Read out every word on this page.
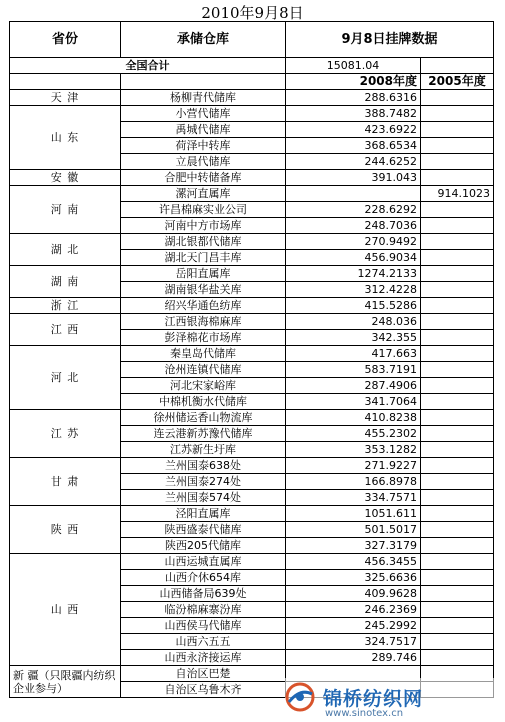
2010年9月8日
省份	承储仓库	9月8日挂牌数据	
全国合计		15081.04	
		2008年度	2005年度
天 津	杨柳青代储库	288.6316	
山 东	小营代储库	388.7482	
	禹城代储库	423.6922	
	荷泽中转库	368.6534	
	立晨代储库	244.6252	
安 徽	合肥中转储备库	391.043	
河 南	漯河直属库		914.1023
	许昌棉麻实业公司	228.6292	
	河南中方市场库	248.7036	
湖 北	湖北银都代储库	270.9492	
	湖北天门昌丰库	456.9034	
湖 南	岳阳直属库	1274.2133	
	湖南银华盐关库	312.4228	
浙 江	绍兴华通色纺库	415.5286	
江 西	江西银海棉麻库	248.036	
	彭泽棉花市场库	342.355	
河 北	秦皇岛代储库	417.663	
	沧州连镇代储库	583.7191	
	河北宋家峪库	287.4906	
	中棉机衡水代储库	341.7064	
江 苏	徐州储运香山物流库	410.8238	
	连云港新苏豫代储库	455.2302	
	江苏新生圩库	353.1282	
甘 肃	兰州国泰638处	271.9227	
	兰州国泰274处	166.8978	
	兰州国泰574处	334.7571	
陕 西	泾阳直属库	1051.611	
	陕西盛泰代储库	501.5017	
	陕西205代储库	327.3179	
山 西	山西运城直属库	456.3455	
	山西介休654库	325.6636	
	山西储备局639处	409.9628	
	临汾棉麻寨汾库	246.2369	
	山西侯马代储库	245.2992	
	山西六五五	324.7517	
	山西永济接运库	289.746	
新 疆（只限疆内纺织企业参与）	自治区巴楚		
	自治区乌鲁木齐			锦桥纺织网
www.sinotex.cn
